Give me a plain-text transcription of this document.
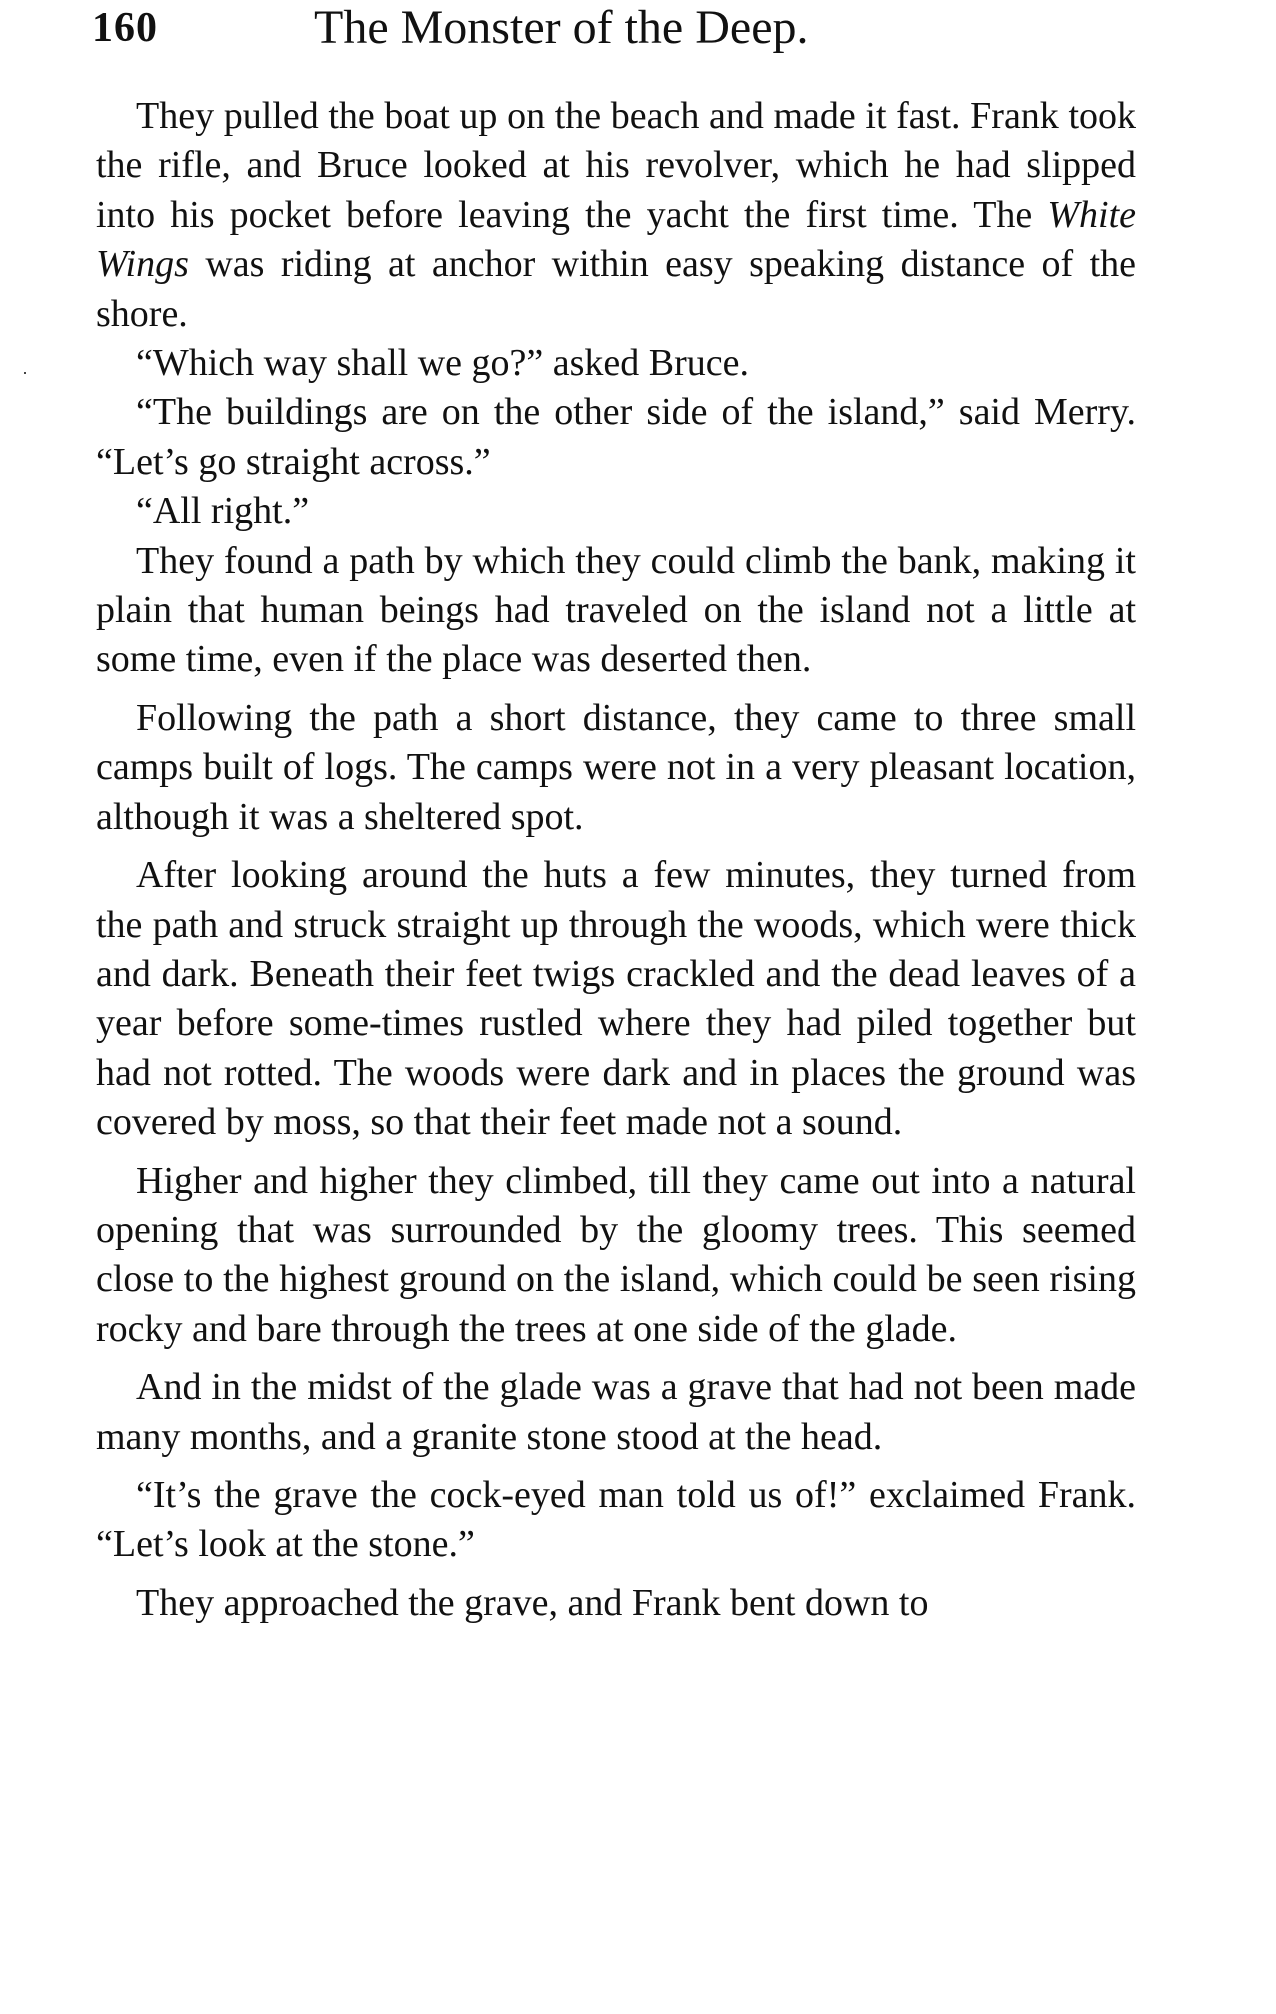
160	The Monster of the Deep.

They pulled the boat up on the beach and made it fast. Frank took the rifle, and Bruce looked at his revolver, which he had slipped into his pocket before leaving the yacht the first time. The White Wings was riding at anchor within easy speaking distance of the shore.

“Which way shall we go?” asked Bruce.

“The buildings are on the other side of the island,” said Merry. “Let’s go straight across.”

“All right.”

They found a path by which they could climb the bank, making it plain that human beings had traveled on the island not a little at some time, even if the place was deserted then.

Following the path a short distance, they came to three small camps built of logs. The camps were not in a very pleasant location, although it was a sheltered spot.

After looking around the huts a few minutes, they turned from the path and struck straight up through the woods, which were thick and dark. Beneath their feet twigs crackled and the dead leaves of a year before some-times rustled where they had piled together but had not rotted. The woods were dark and in places the ground was covered by moss, so that their feet made not a sound.

Higher and higher they climbed, till they came out into a natural opening that was surrounded by the gloomy trees. This seemed close to the highest ground on the island, which could be seen rising rocky and bare through the trees at one side of the glade.

And in the midst of the glade was a grave that had not been made many months, and a granite stone stood at the head.

“It’s the grave the cock-eyed man told us of!” exclaimed Frank. “Let’s look at the stone.”

They approached the grave, and Frank bent down to
